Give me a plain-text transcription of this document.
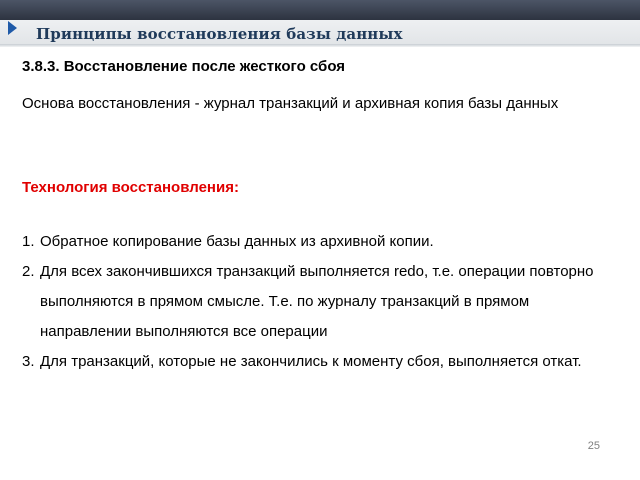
Принципы восстановления базы данных
3.8.3. Восстановление после жесткого сбоя

Основа восстановления - журнал транзакций и архивная копия базы данных

Технология восстановления:
1. Обратное копирование базы данных из архивной копии.
2. Для всех закончившихся транзакций выполняется redo, т.е. операции повторно выполняются в прямом смысле. Т.е. по журналу транзакций в прямом направлении выполняются все операции
3. Для транзакций, которые не закончились к моменту сбоя, выполняется откат.
25
